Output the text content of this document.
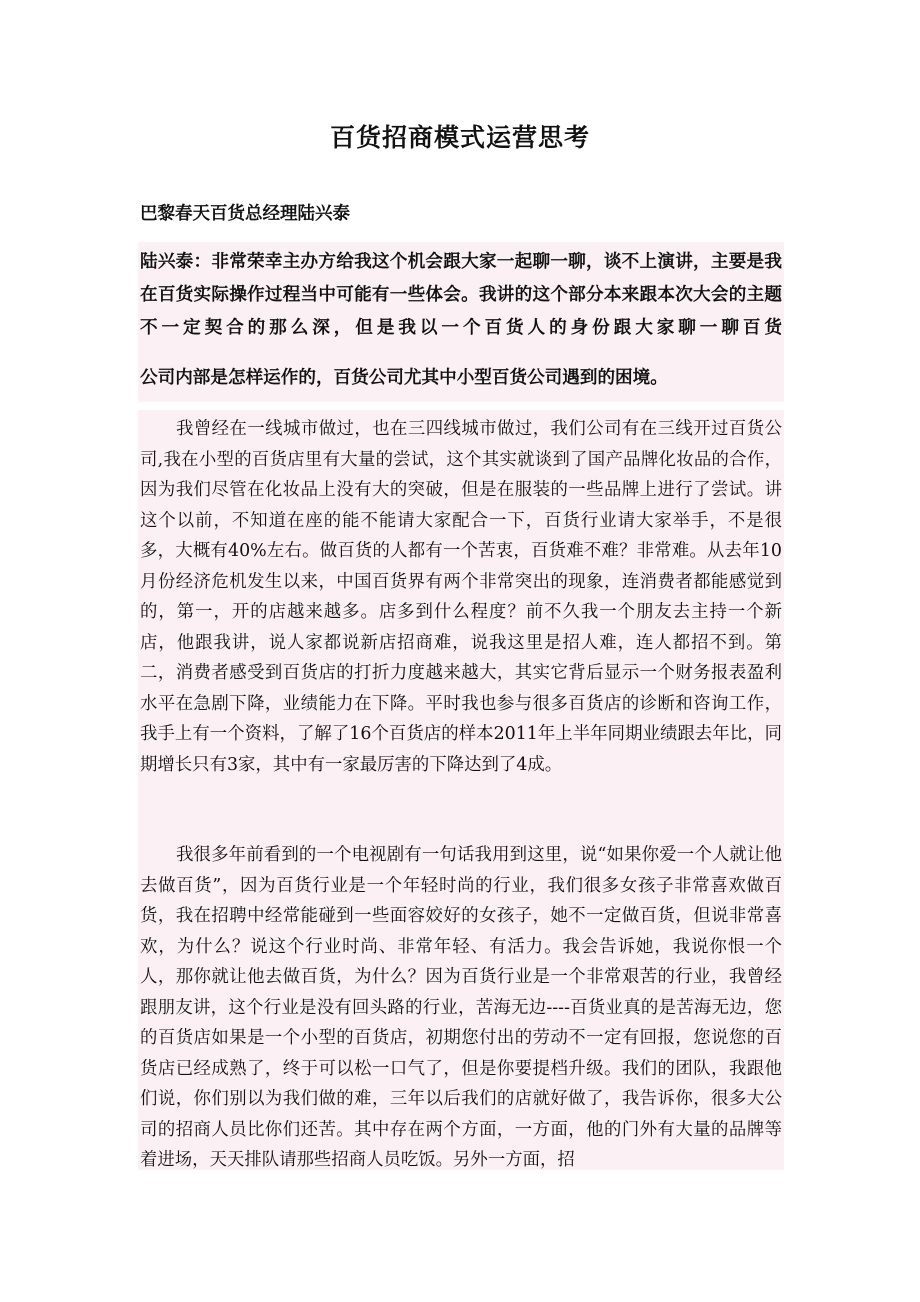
百货招商模式运营思考
巴黎春天百货总经理陆兴泰

陆兴泰：非常荣幸主办方给我这个机会跟大家一起聊一聊，谈不上演讲，主要是我在百货实际操作过程当中可能有一些体会。我讲的这个部分本来跟本次大会的主题不一定契合的那么深，但是我以一个百货人的身份跟大家聊一聊百货

公司内部是怎样运作的，百货公司尤其中小型百货公司遇到的困境。

我曾经在一线城市做过，也在三四线城市做过，我们公司有在三线开过百货公司,我在小型的百货店里有大量的尝试，这个其实就谈到了国产品牌化妆品的合作，因为我们尽管在化妆品上没有大的突破，但是在服装的一些品牌上进行了尝试。讲这个以前，不知道在座的能不能请大家配合一下，百货行业请大家举手，不是很多，大概有40%左右。做百货的人都有一个苦衷，百货难不难？非常难。从去年10月份经济危机发生以来，中国百货界有两个非常突出的现象，连消费者都能感觉到的，第一，开的店越来越多。店多到什么程度？前不久我一个朋友去主持一个新店，他跟我讲，说人家都说新店招商难，说我这里是招人难，连人都招不到。第二，消费者感受到百货店的打折力度越来越大，其实它背后显示一个财务报表盈利水平在急剧下降，业绩能力在下降。平时我也参与很多百货店的诊断和咨询工作，我手上有一个资料，了解了16个百货店的样本2011年上半年同期业绩跟去年比，同期增长只有3家，其中有一家最厉害的下降达到了4成。

我很多年前看到的一个电视剧有一句话我用到这里，说“如果你爱一个人就让他去做百货”，因为百货行业是一个年轻时尚的行业，我们很多女孩子非常喜欢做百货，我在招聘中经常能碰到一些面容姣好的女孩子，她不一定做百货，但说非常喜欢，为什么？说这个行业时尚、非常年轻、有活力。我会告诉她，我说你恨一个人，那你就让他去做百货，为什么？因为百货行业是一个非常艰苦的行业，我曾经跟朋友讲，这个行业是没有回头路的行业，苦海无边----百货业真的是苦海无边，您的百货店如果是一个小型的百货店，初期您付出的劳动不一定有回报，您说您的百货店已经成熟了，终于可以松一口气了，但是你要提档升级。我们的团队，我跟他们说，你们别以为我们做的难，三年以后我们的店就好做了，我告诉你，很多大公司的招商人员比你们还苦。其中存在两个方面，一方面，他的门外有大量的品牌等着进场，天天排队请那些招商人员吃饭。另外一方面，招
